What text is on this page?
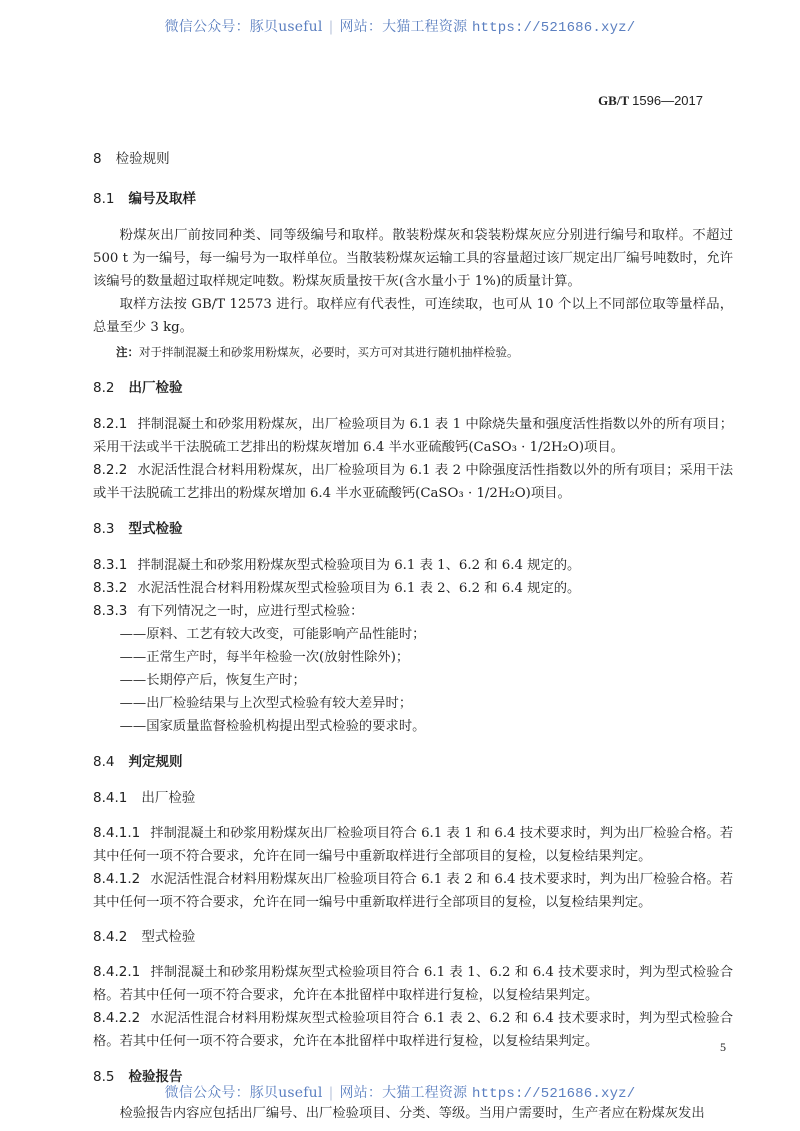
微信公众号：豚贝useful | 网站：大猫工程资源 https://521686.xyz/
GB/T 1596—2017
8 检验规则
8.1 编号及取样

粉煤灰出厂前按同种类、同等级编号和取样。散装粉煤灰和袋装粉煤灰应分别进行编号和取样。不超过 500 t 为一编号，每一编号为一取样单位。当散装粉煤灰运输工具的容量超过该厂规定出厂编号吨数时，允许该编号的数量超过取样规定吨数。粉煤灰质量按干灰(含水量小于 1%)的质量计算。

取样方法按 GB/T 12573 进行。取样应有代表性，可连续取，也可从 10 个以上不同部位取等量样品，总量至少 3 kg。

注：对于拌制混凝土和砂浆用粉煤灰，必要时，买方可对其进行随机抽样检验。

8.2 出厂检验

8.2.1 拌制混凝土和砂浆用粉煤灰，出厂检验项目为 6.1 表 1 中除烧失量和强度活性指数以外的所有项目；采用干法或半干法脱硫工艺排出的粉煤灰增加 6.4 半水亚硫酸钙(CaSO₃ · 1/2H₂O)项目。

8.2.2 水泥活性混合材料用粉煤灰，出厂检验项目为 6.1 表 2 中除强度活性指数以外的所有项目；采用干法或半干法脱硫工艺排出的粉煤灰增加 6.4 半水亚硫酸钙(CaSO₃ · 1/2H₂O)项目。

8.3 型式检验

8.3.1 拌制混凝土和砂浆用粉煤灰型式检验项目为 6.1 表 1、6.2 和 6.4 规定的。

8.3.2 水泥活性混合材料用粉煤灰型式检验项目为 6.1 表 2、6.2 和 6.4 规定的。

8.3.3 有下列情况之一时，应进行型式检验：

——原料、工艺有较大改变，可能影响产品性能时；

——正常生产时，每半年检验一次(放射性除外)；

——长期停产后，恢复生产时；

——出厂检验结果与上次型式检验有较大差异时；

——国家质量监督检验机构提出型式检验的要求时。

8.4 判定规则
8.4.1 出厂检验

8.4.1.1 拌制混凝土和砂浆用粉煤灰出厂检验项目符合 6.1 表 1 和 6.4 技术要求时，判为出厂检验合格。若其中任何一项不符合要求，允许在同一编号中重新取样进行全部项目的复检，以复检结果判定。

8.4.1.2 水泥活性混合材料用粉煤灰出厂检验项目符合 6.1 表 2 和 6.4 技术要求时，判为出厂检验合格。若其中任何一项不符合要求，允许在同一编号中重新取样进行全部项目的复检，以复检结果判定。

8.4.2 型式检验

8.4.2.1 拌制混凝土和砂浆用粉煤灰型式检验项目符合 6.1 表 1、6.2 和 6.4 技术要求时，判为型式检验合格。若其中任何一项不符合要求，允许在本批留样中取样进行复检，以复检结果判定。

8.4.2.2 水泥活性混合材料用粉煤灰型式检验项目符合 6.1 表 2、6.2 和 6.4 技术要求时，判为型式检验合格。若其中任何一项不符合要求，允许在本批留样中取样进行复检，以复检结果判定。

8.5 检验报告

检验报告内容应包括出厂编号、出厂检验项目、分类、等级。当用户需要时，生产者应在粉煤灰发出

5
微信公众号：豚贝useful | 网站：大猫工程资源 https://521686.xyz/
